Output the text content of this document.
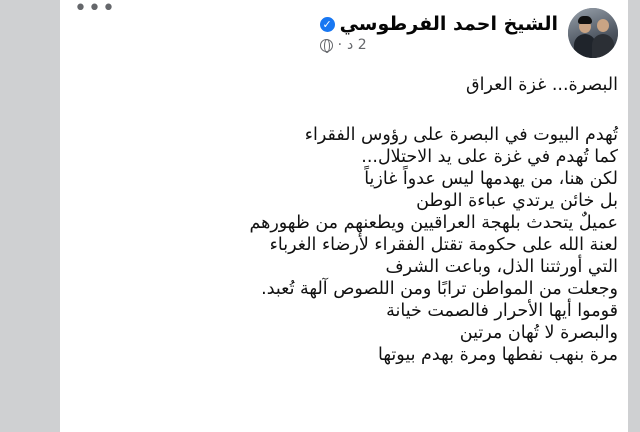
•••
الشيخ احمد الفرطوسي
✓
2 د
·
البصرة... غزة العراق
تُهدم البيوت في البصرة على رؤوس الفقراء
كما تُهدم في غزة على يد الاحتلال...
لكن هنا، من يهدمها ليس عدواً غازياً
بل خائن يرتدي عباءة الوطن
عميلٌ يتحدث بلهجة العراقيين ويطعنهم من ظهورهم
لعنة الله على حكومة تقتل الفقراء لأرضاء الغرباء
التي أورثتنا الذل، وباعت الشرف
وجعلت من المواطن ترابًا ومن اللصوص آلهة تُعبد.
قوموا أيها الأحرار فالصمت خيانة
والبصرة لا تُهان مرتين
مرة بنهب نفطها ومرة بهدم بيوتها
